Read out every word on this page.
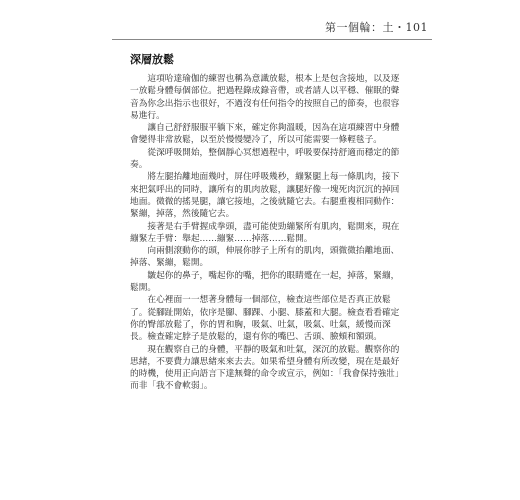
第一個輪：土・101
深層放鬆

這項哈達瑜伽的練習也稱為意識放鬆，根本上是包含接地，以及逐一放鬆身體每個部位。把過程錄成錄音帶，或者請人以平穩、催眠的聲音為你念出指示也很好，不過沒有任何指令的按照自己的節奏，也很容易進行。

讓自己舒舒服服平躺下來，確定你夠溫暖，因為在這項練習中身體會變得非常放鬆，以至於慢慢變冷了，所以可能需要一條輕毯子。

從深呼吸開始，整個靜心冥想過程中，呼吸要保持舒適而穩定的節奏。

將左腿抬離地面幾吋，屏住呼吸幾秒，繃緊腿上每一條肌肉，接下來把氣呼出的同時，讓所有的肌肉放鬆，讓腿好像一塊死肉沉沉的掉回地面。微微的搖晃腿，讓它接地，之後就隨它去。右腿重複相同動作：緊繃，掉落，然後隨它去。

接著是右手臂握成拳頭，盡可能使勁繃緊所有肌肉，鬆開來，現在繃緊左手臂：舉起……繃緊……掉落……鬆開。

向兩側滾動你的頭，伸展你脖子上所有的肌肉，頭微微抬離地面、掉落、緊繃，鬆開。

皺起你的鼻子，嘴起你的嘴，把你的眼睛蹙在一起，掉落，緊繃，鬆開。

在心裡面一一想著身體每一個部位，檢查這些部位是否真正放鬆了。從腳趾開始，依序是腳、腳踝、小腿、膝蓋和大腿。檢查看看確定你的臀部放鬆了，你的胃和胸，吸氣、吐氣，吸氣、吐氣，緩慢而深長。檢查確定脖子是放鬆的，還有你的嘴巴、舌頭、臉頰和額頭。

現在觀察自己的身體，平靜的吸氣和吐氣，深沉的放鬆。觀察你的思緒，不要費力讓思緒來來去去。如果希望身體有所改變，現在是最好的時機，使用正向語言下達無聲的命令或宣示，例如：「我會保持強壯」而非「我不會軟弱」。
